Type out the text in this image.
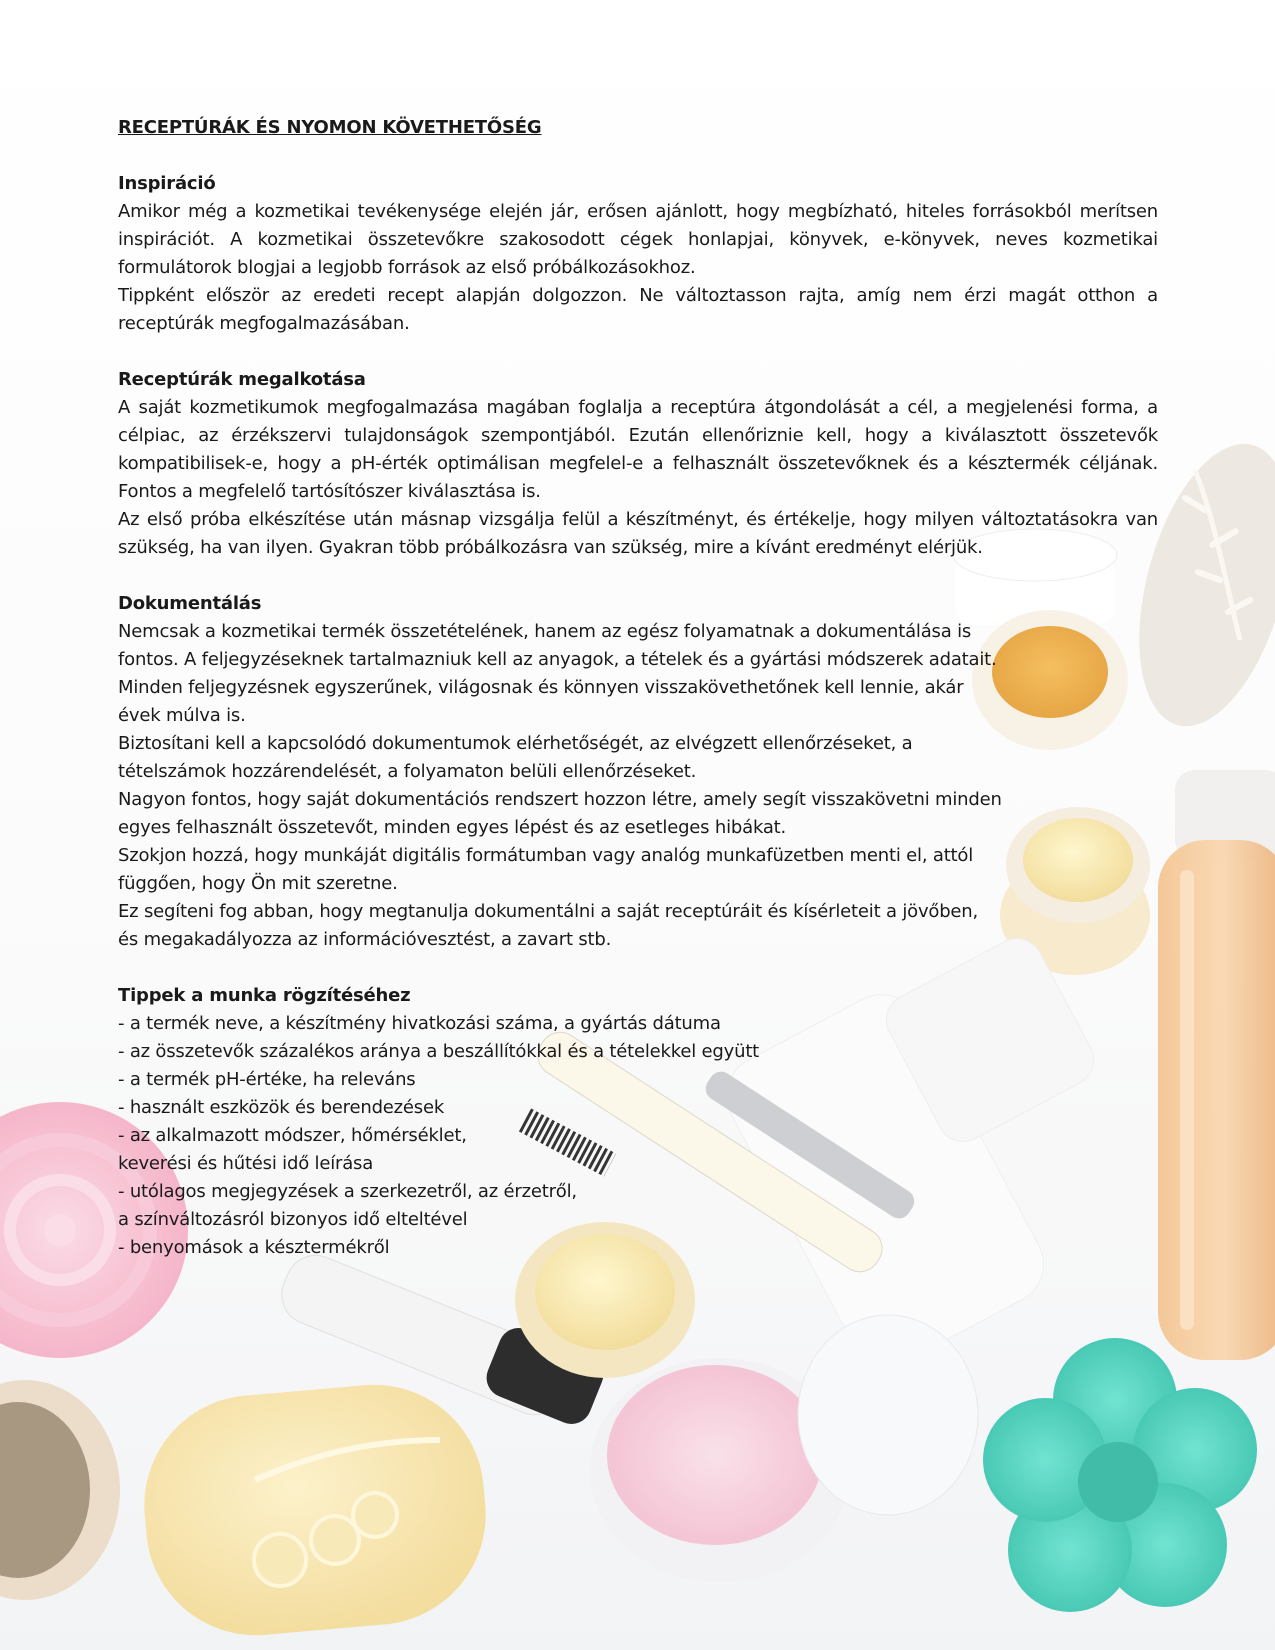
RECEPTÚRÁK ÉS NYOMON KÖVETHETŐSÉG
Inspiráció

Amikor még a kozmetikai tevékenysége elején jár, erősen ajánlott, hogy megbízható, hiteles forrásokból merítsen inspirációt. A kozmetikai összetevőkre szakosodott cégek honlapjai, könyvek, e-könyvek, neves kozmetikai formulátorok blogjai a legjobb források az első próbálkozásokhoz.

Tippként először az eredeti recept alapján dolgozzon. Ne változtasson rajta, amíg nem érzi magát otthon a receptúrák megfogalmazásában.

Receptúrák megalkotása

A saját kozmetikumok megfogalmazása magában foglalja a receptúra átgondolását a cél, a megjelenési forma, a célpiac, az érzékszervi tulajdonságok szempontjából. Ezután ellenőriznie kell, hogy a kiválasztott összetevők kompatibilisek-e, hogy a pH-érték optimálisan megfelel-e a felhasznált összetevőknek és a késztermék céljának. Fontos a megfelelő tartósítószer kiválasztása is.

Az első próba elkészítése után másnap vizsgálja felül a készítményt, és értékelje, hogy milyen változtatásokra van szükség, ha van ilyen. Gyakran több próbálkozásra van szükség, mire a kívánt eredményt elérjük.

Dokumentálás

Nemcsak a kozmetikai termék összetételének, hanem az egész folyamatnak a dokumentálása is fontos. A feljegyzéseknek tartalmazniuk kell az anyagok, a tételek és a gyártási módszerek adatait. Minden feljegyzésnek egyszerűnek, világosnak és könnyen visszakövethetőnek kell lennie, akár évek múlva is.

Biztosítani kell a kapcsolódó dokumentumok elérhetőségét, az elvégzett ellenőrzéseket, a tételszámok hozzárendelését, a folyamaton belüli ellenőrzéseket.

Nagyon fontos, hogy saját dokumentációs rendszert hozzon létre, amely segít visszakövetni minden egyes felhasznált összetevőt, minden egyes lépést és az esetleges hibákat.

Szokjon hozzá, hogy munkáját digitális formátumban vagy analóg munkafüzetben menti el, attól függően, hogy Ön mit szeretne.

Ez segíteni fog abban, hogy megtanulja dokumentálni a saját receptúráit és kísérleteit a jövőben, és megakadályozza az információvesztést, a zavart stb.

Tippek a munka rögzítéséhez
- a termék neve, a készítmény hivatkozási száma, a gyártás dátuma
- az összetevők százalékos aránya a beszállítókkal és a tételekkel együtt
- a termék pH-értéke, ha releváns
- használt eszközök és berendezések
- az alkalmazott módszer, hőmérséklet,
keverési és hűtési idő leírása
- utólagos megjegyzések a szerkezetről, az érzetről,
a színváltozásról bizonyos idő elteltével
- benyomások a késztermékről
